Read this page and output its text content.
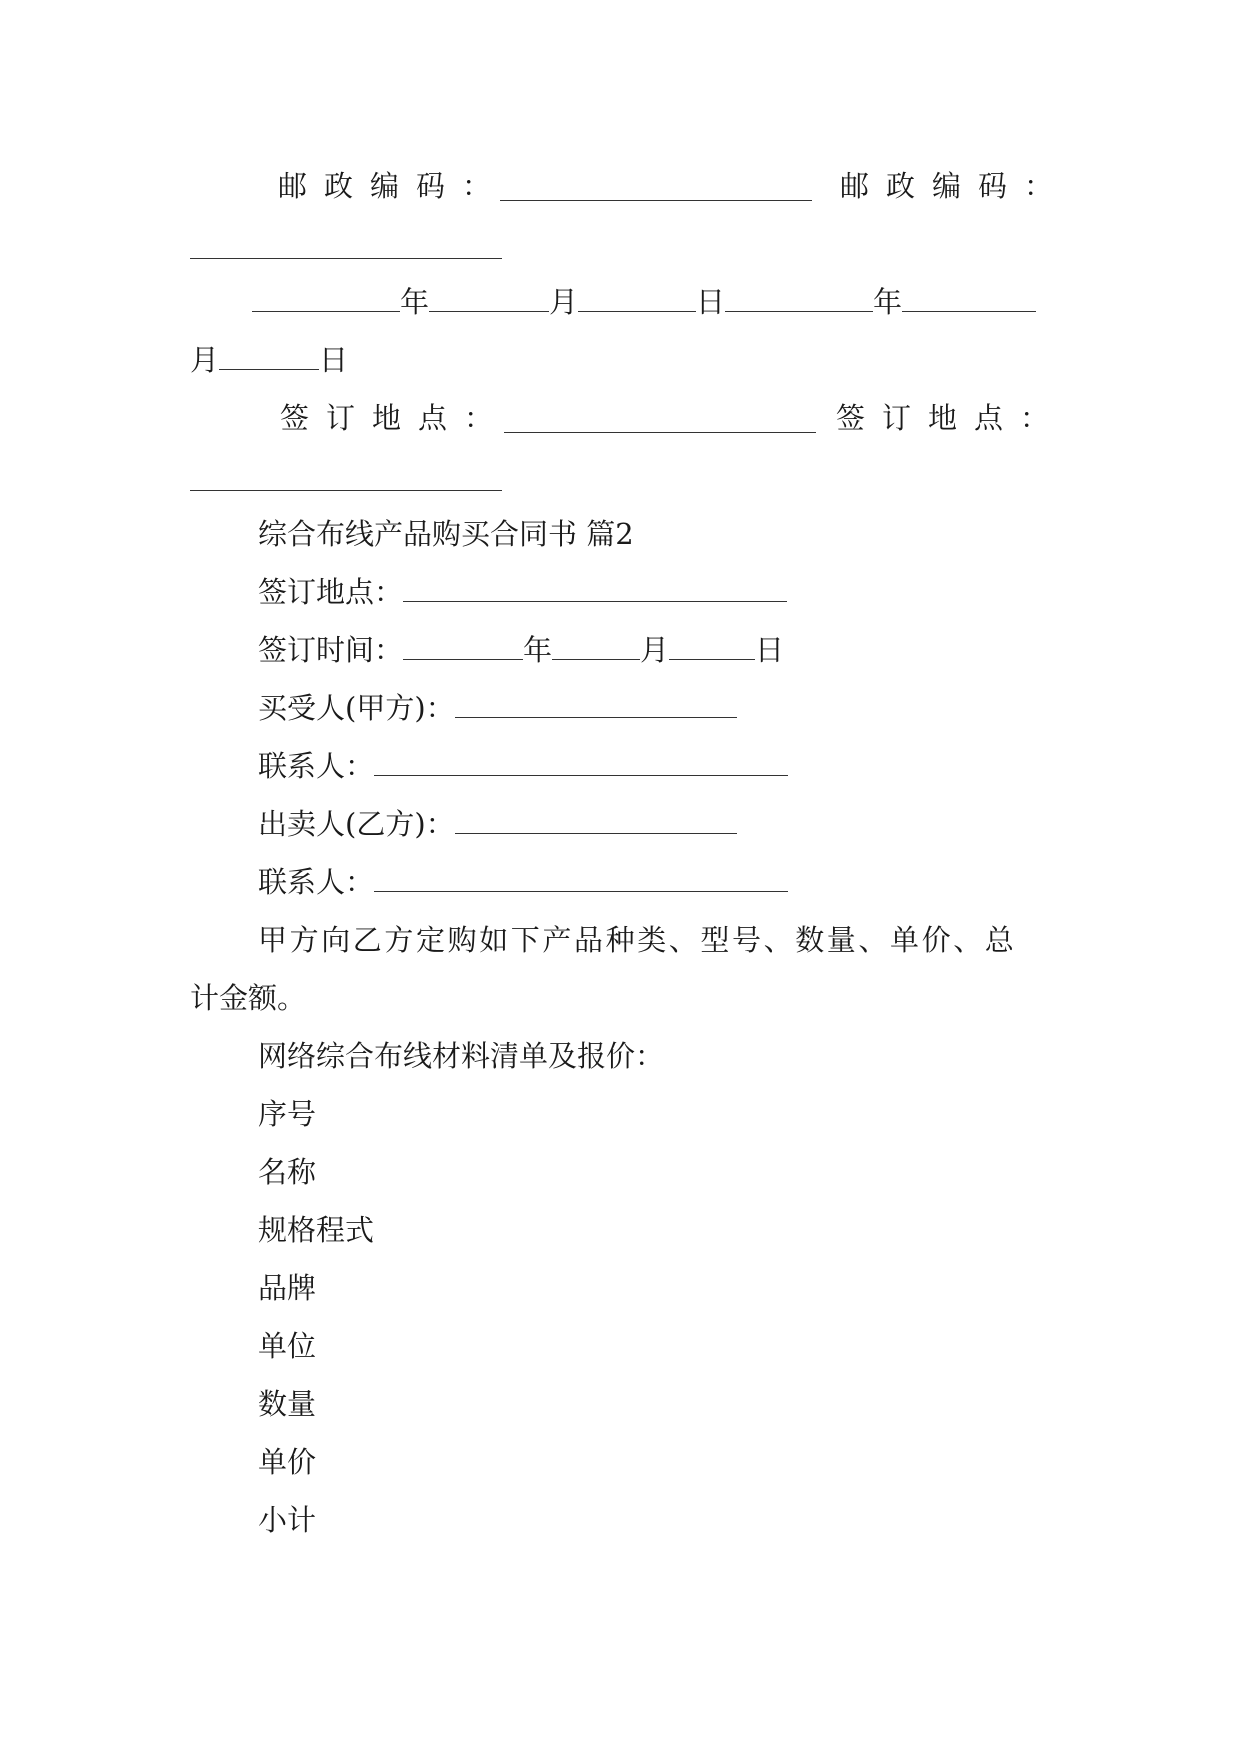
邮政编码：	邮政编码：
年	月	日	年
月	日
签订地点：	签订地点：
综合布线产品购买合同书 篇2
签订地点：
签订时间：	年	月	日
买受人(甲方)：
联系人：
出卖人(乙方)：
联系人：
甲方向乙方定购如下产品种类、型号、数量、单价、总
计金额。
网络综合布线材料清单及报价：
序号
名称
规格程式
品牌
单位
数量
单价
小计
